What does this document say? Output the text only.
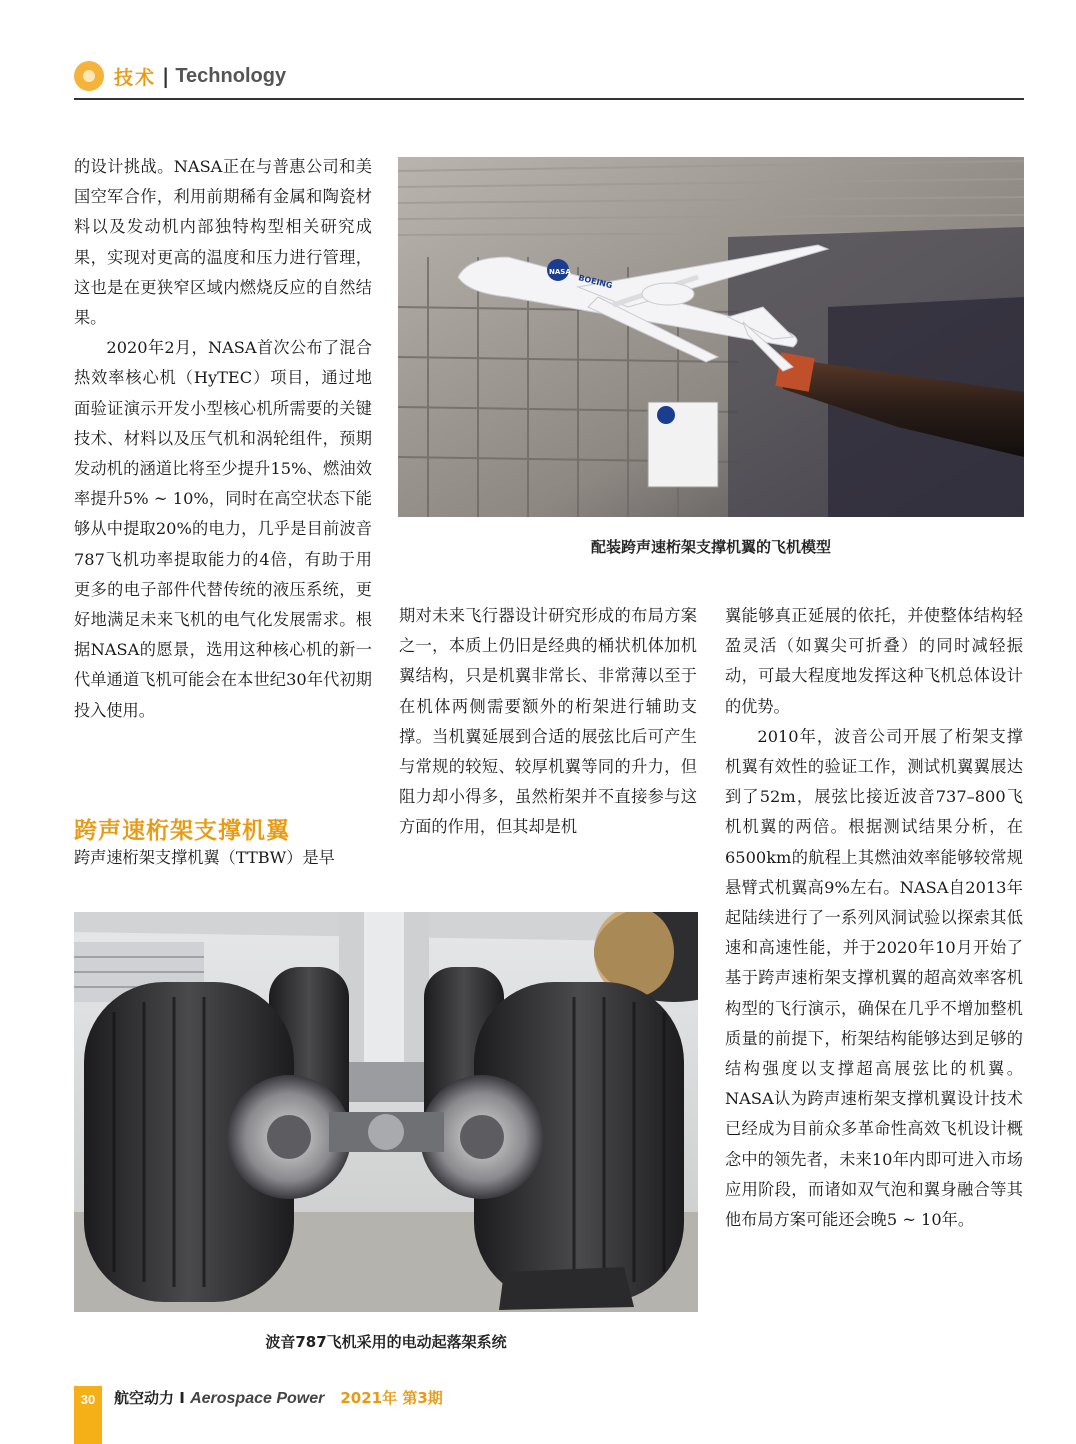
技术 | Technology

的设计挑战。NASA正在与普惠公司和美国空军合作，利用前期稀有金属和陶瓷材料以及发动机内部独特构型相关研究成果，实现对更高的温度和压力进行管理，这也是在更狭窄区域内燃烧反应的自然结果。

2020年2月，NASA首次公布了混合热效率核心机（HyTEC）项目，通过地面验证演示开发小型核心机所需要的关键技术、材料以及压气机和涡轮组件，预期发动机的涵道比将至少提升15%、燃油效率提升5% ~ 10%，同时在高空状态下能够从中提取20%的电力，几乎是目前波音787飞机功率提取能力的4倍，有助于用更多的电子部件代替传统的液压系统，更好地满足未来飞机的电气化发展需求。根据NASA的愿景，选用这种核心机的新一代单通道飞机可能会在本世纪30年代初期投入使用。

跨声速桁架支撑机翼

跨声速桁架支撑机翼（TTBW）是早

期对未来飞行器设计研究形成的布局方案之一，本质上仍旧是经典的桶状机体加机翼结构，只是机翼非常长、非常薄以至于在机体两侧需要额外的桁架进行辅助支撑。当机翼延展到合适的展弦比后可产生与常规的较短、较厚机翼等同的升力，但阻力却小得多，虽然桁架并不直接参与这方面的作用，但其却是机

翼能够真正延展的依托，并使整体结构轻盈灵活（如翼尖可折叠）的同时减轻振动，可最大程度地发挥这种飞机总体设计的优势。

2010年，波音公司开展了桁架支撑机翼有效性的验证工作，测试机翼翼展达到了52m，展弦比接近波音737–800飞机机翼的两倍。根据测试结果分析，在6500km的航程上其燃油效率能够较常规悬臂式机翼高9%左右。NASA自2013年起陆续进行了一系列风洞试验以探索其低速和高速性能，并于2020年10月开始了基于跨声速桁架支撑机翼的超高效率客机构型的飞行演示，确保在几乎不增加整机质量的前提下，桁架结构能够达到足够的结构强度以支撑超高展弦比的机翼。NASA认为跨声速桁架支撑机翼设计技术已经成为目前众多革命性高效飞机设计概念中的领先者，未来10年内即可进入市场应用阶段，而诸如双气泡和翼身融合等其他布局方案可能还会晚5 ~ 10年。

NASA
BOEING
配装跨声速桁架支撑机翼的飞机模型
波音787飞机采用的电动起落架系统
30	航空动力 I Aerospace Power 2021年 第3期
